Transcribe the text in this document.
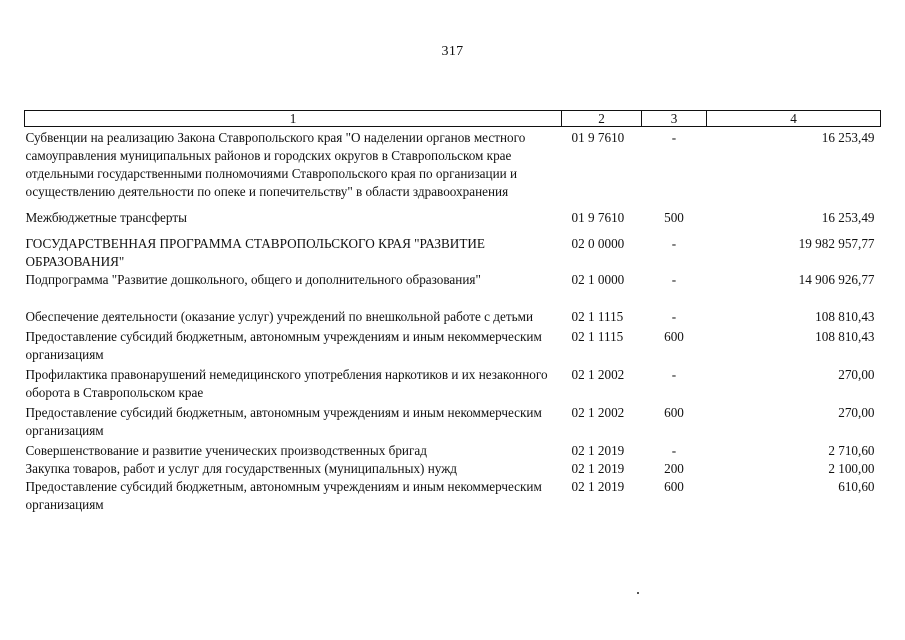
317
1	2	3	4
Субвенции на реализацию Закона Ставропольского края "О наделении органов местного самоуправления муниципальных районов и городских округов в Ставропольском крае отдельными государственными полномочиями Ставропольского края по организации и осуществлению деятельности по опеке и попечительству" в области здравоохранения	01 9 7610	-	16 253,49
Межбюджетные трансферты	01 9 7610	500	16 253,49
ГОСУДАРСТВЕННАЯ ПРОГРАММА СТАВРОПОЛЬСКОГО КРАЯ "РАЗВИТИЕ ОБРАЗОВАНИЯ"	02 0 0000	-	19 982 957,77
Подпрограмма "Развитие дошкольного, общего и дополнительного образования"	02 1 0000	-	14 906 926,77
Обеспечение деятельности (оказание услуг) учреждений по внешкольной работе с детьми	02 1 1115	-	108 810,43
Предоставление субсидий бюджетным, автономным учреждениям и иным некоммерческим организациям	02 1 1115	600	108 810,43
Профилактика правонарушений немедицинского употребления наркотиков и их незаконного оборота в Ставропольском крае	02 1 2002	-	270,00
Предоставление субсидий бюджетным, автономным учреждениям и иным некоммерческим организациям	02 1 2002	600	270,00
Совершенствование и развитие ученических производственных бригад	02 1 2019	-	2 710,60
Закупка товаров, работ и услуг для государственных (муниципальных) нужд	02 1 2019	200	2 100,00
Предоставление субсидий бюджетным, автономным учреждениям и иным некоммерческим организациям	02 1 2019	600	610,60
